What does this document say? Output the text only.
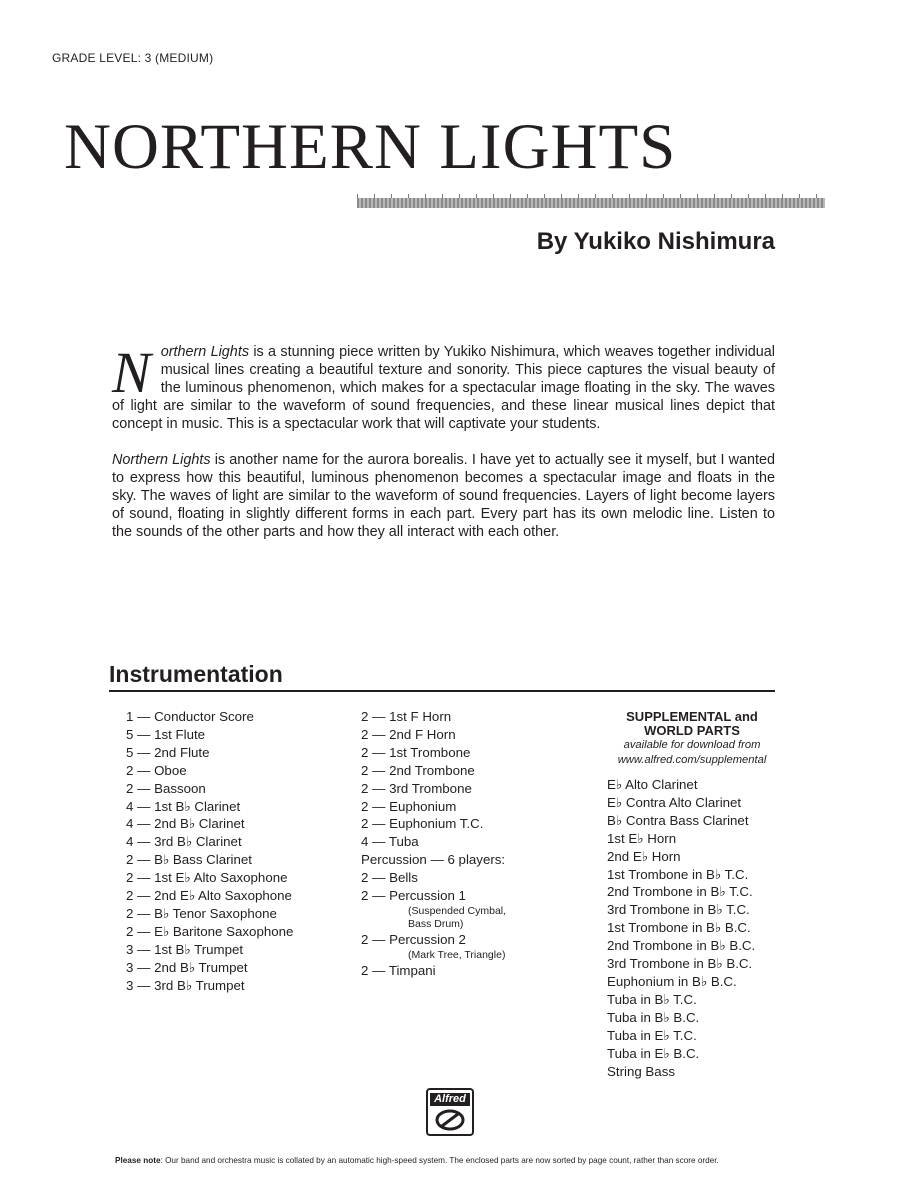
GRADE LEVEL: 3 (MEDIUM)
NORTHERN LIGHTS
By Yukiko Nishimura

Northern Lights is a stunning piece written by Yukiko Nishimura, which weaves together individual musical lines creating a beautiful texture and sonority. This piece captures the visual beauty of the luminous phenomenon, which makes for a spectacular image floating in the sky. The waves of light are similar to the waveform of sound frequencies, and these linear musical lines depict that concept in music. This is a spectacular work that will captivate your students.

Northern Lights is another name for the aurora borealis. I have yet to actually see it myself, but I wanted to express how this beautiful, luminous phenomenon becomes a spectacular image and floats in the sky. The waves of light are similar to the waveform of sound frequencies. Layers of light become layers of sound, floating in slightly different forms in each part. Every part has its own melodic line. Listen to the sounds of the other parts and how they all interact with each other.

Instrumentation
1 — Conductor Score
5 — 1st Flute
5 — 2nd Flute
2 — Oboe
2 — Bassoon
4 — 1st B♭ Clarinet
4 — 2nd B♭ Clarinet
4 — 3rd B♭ Clarinet
2 — B♭ Bass Clarinet
2 — 1st E♭ Alto Saxophone
2 — 2nd E♭ Alto Saxophone
2 — B♭ Tenor Saxophone
2 — E♭ Baritone Saxophone
3 — 1st B♭ Trumpet
3 — 2nd B♭ Trumpet
3 — 3rd B♭ Trumpet
2 — 1st F Horn
2 — 2nd F Horn
2 — 1st Trombone
2 — 2nd Trombone
2 — 3rd Trombone
2 — Euphonium
2 — Euphonium T.C.
4 — Tuba
Percussion — 6 players:
2 — Bells
2 — Percussion 1
(Suspended Cymbal,
Bass Drum)
2 — Percussion 2
(Mark Tree, Triangle)
2 — Timpani
SUPPLEMENTAL and
WORLD PARTS
available for download from
www.alfred.com/supplemental
E♭ Alto Clarinet
E♭ Contra Alto Clarinet
B♭ Contra Bass Clarinet
1st E♭ Horn
2nd E♭ Horn
1st Trombone in B♭ T.C.
2nd Trombone in B♭ T.C.
3rd Trombone in B♭ T.C.
1st Trombone in B♭ B.C.
2nd Trombone in B♭ B.C.
3rd Trombone in B♭ B.C.
Euphonium in B♭ B.C.
Tuba in B♭ T.C.
Tuba in B♭ B.C.
Tuba in E♭ T.C.
Tuba in E♭ B.C.
String Bass
Alfred
Please note: Our band and orchestra music is collated by an automatic high-speed system. The enclosed parts are now sorted by page count, rather than score order.
